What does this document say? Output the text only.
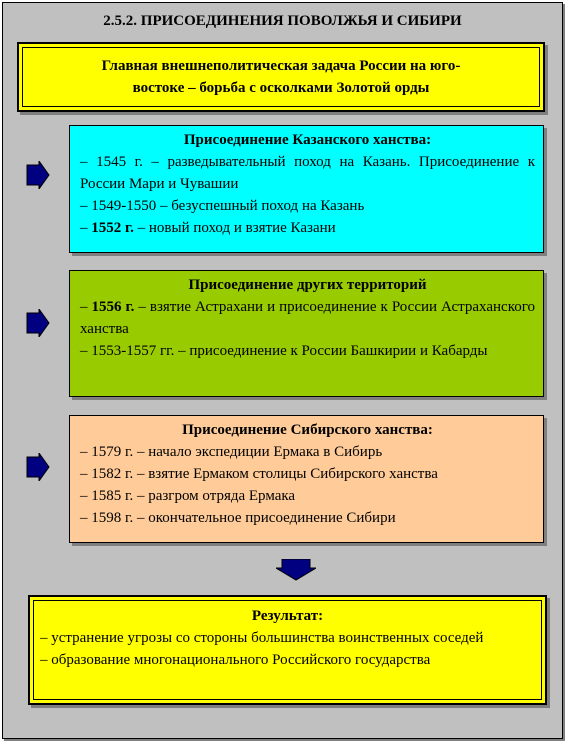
2.5.2. ПРИСОЕДИНЕНИЯ ПОВОЛЖЬЯ И СИБИРИ
Главная внешнеполитическая задача России на юго-
востоке – борьба с осколками Золотой орды
Присоединение Казанского ханства:
– 1545 г. – разведывательный поход на Казань. Присоединение к России Мари и Чувашии
– 1549-1550 – безуспешный поход на Казань
– 1552 г. – новый поход и взятие Казани
Присоединение других территорий
– 1556 г. – взятие Астрахани и присоединение к России Астраханского ханства
– 1553-1557 гг. – присоединение к России Башкирии и Кабарды
Присоединение Сибирского ханства:
– 1579 г. – начало экспедиции Ермака в Сибирь
– 1582 г. – взятие Ермаком столицы Сибирского ханства
– 1585 г. – разгром отряда Ермака
– 1598 г. – окончательное присоединение Сибири
Результат:
– устранение угрозы со стороны большинства воинственных соседей
– образование многонационального Российского государства
